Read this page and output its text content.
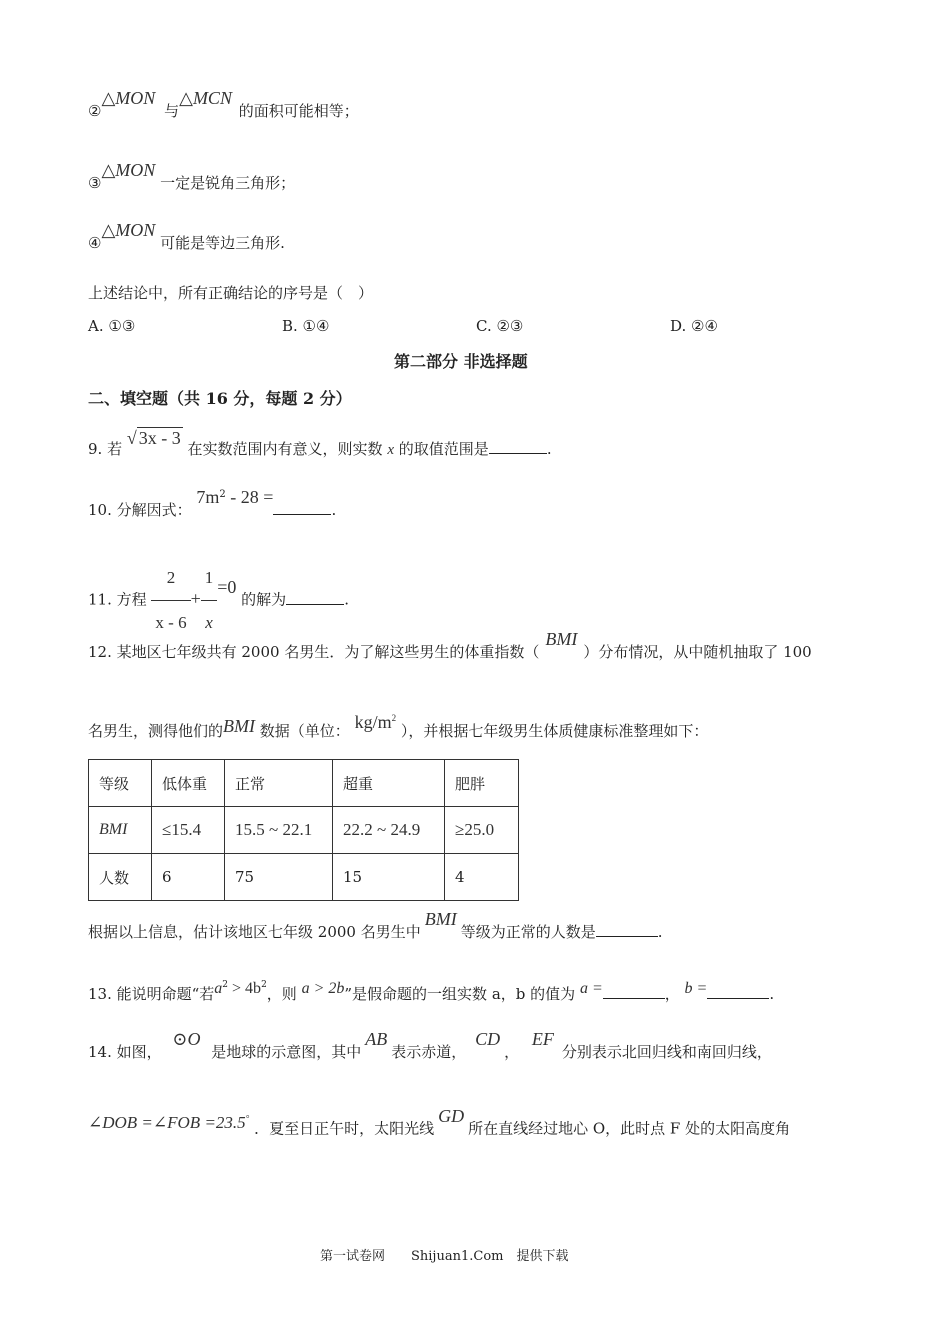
②△MON 与△MCN 的面积可能相等；
③△MON 一定是锐角三角形；
④△MON 可能是等边三角形.
上述结论中，所有正确结论的序号是（　）
A. ①③	B. ①④	C. ②③	D. ②④
第二部分 非选择题
二、填空题（共 16 分，每题 2 分）
9. 若 √ 3x - 3 在实数范围内有意义，则实数 x 的取值范围是	.
10. 分解因式： $7m^2 - 28$ =.
11. 方程 $\frac{2}{x - 6} + \frac{1}{x} =0$ 的解为	.
12. 某地区七年级共有 2000 名男生．为了解这些男生的体重指数（BMI）分布情况，从中随机抽取了 100
名男生，测得他们的BMI 数据（单位： $kg/m^2$ ），并根据七年级男生体质健康标准整理如下：
等级	低体重	正常	超重	肥胖
BMI	≤15.4	15.5 ~ 22.1	22.2 ~ 24.9	≥25.0
人数	6	75	15	4
根据以上信息，估计该地区七年级 2000 名男生中BMI等级为正常的人数是	.
13. 能说明命题“若$a^2 > 4b^2$，则 a > 2b”是假命题的一组实数 a，b 的值为 a =	， b =	.
14. 如图， ⊙O 是地球的示意图，其中AB表示赤道， CD， EF分别表示北回归线和南回归线，
∠DOB =∠FOB =23.5° ．夏至日正午时，太阳光线GD所在直线经过地心 O，此时点 F 处的太阳高度角
第一试卷网　　Shijuan1.Com　提供下载
